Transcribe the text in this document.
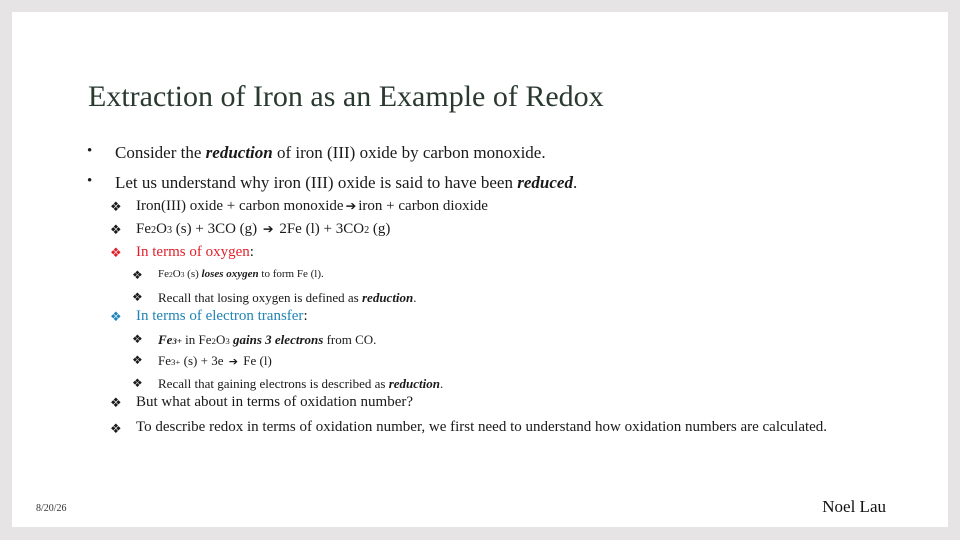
Extraction of Iron as an Example of Redox
• Consider the reduction of iron (III) oxide by carbon monoxide.
• Let us understand why iron (III) oxide is said to have been reduced .
❖ Iron(III) oxide + carbon monoxide ➔ iron + carbon dioxide
❖ Fe 2 O 3 (s) + 3CO (g) ➔ 2Fe (l) + 3CO 2 (g)
❖ In terms of oxygen :
❖ Fe 2 O 3 (s) loses oxygen to form Fe (l).
❖ Recall that losing oxygen is defined as reduction .
❖ In terms of electron transfer :
❖ Fe 3+ in Fe 2 O 3
gains 3 electrons from CO.
❖ Fe 3+ (s) + 3e ➔ Fe (l)
❖ Recall that gaining electrons is described as reduction .
❖ But what about in terms of oxidation number?
❖ To describe redox in terms of oxidation number, we first need to understand how oxidation numbers are calculated.
8/20/26	Noel Lau
